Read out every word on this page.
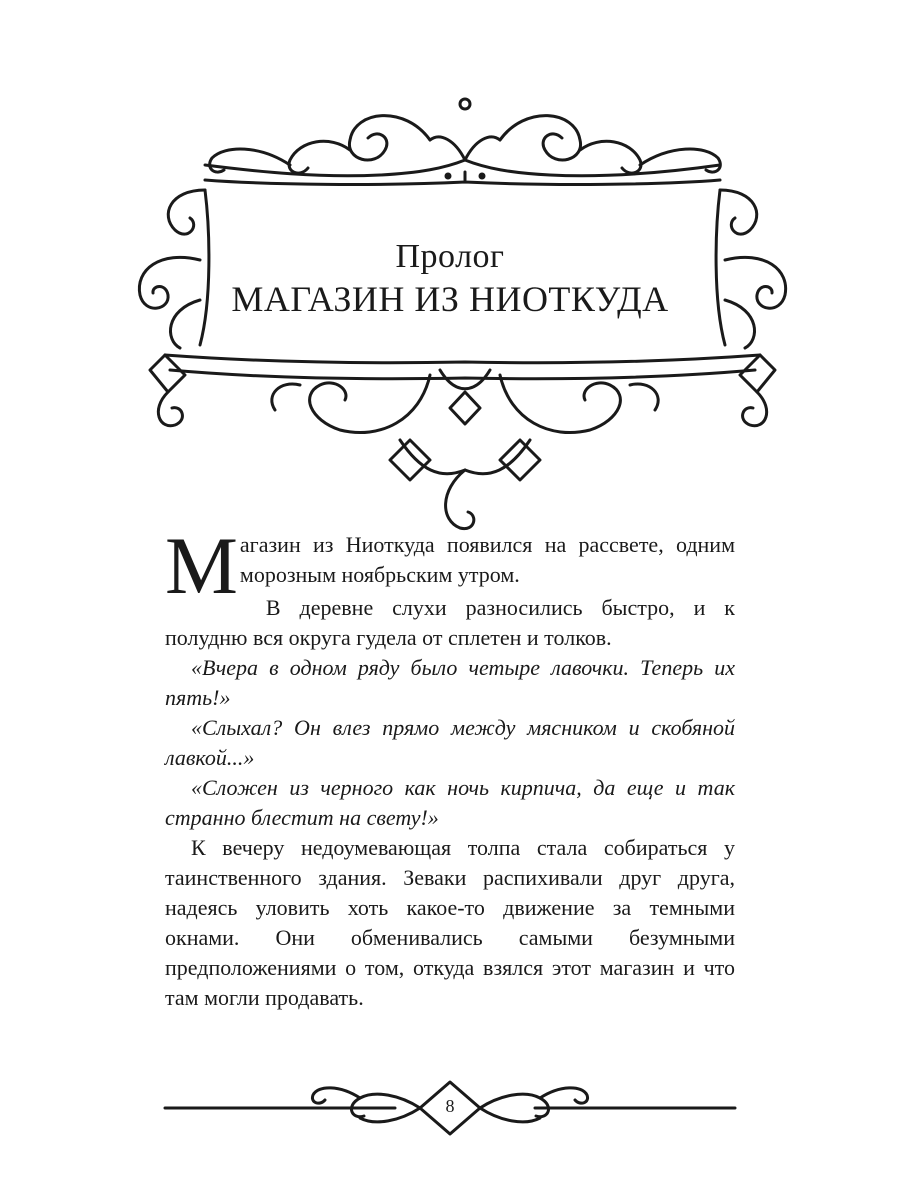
Пролог
МАГАЗИН ИЗ НИОТКУДА

Магазин из Ниоткуда появился на рассвете, одним морозным ноябрьским утром.

В деревне слухи разносились быстро, и к полудню вся округа гудела от сплетен и толков.

«Вчера в одном ряду было четыре лавочки. Теперь их пять!»

«Слыхал? Он влез прямо между мясником и скобяной лавкой...»

«Сложен из черного как ночь кирпича, да еще и так странно блестит на свету!»

К вечеру недоумевающая толпа стала собираться у таинственного здания. Зеваки распихивали друг друга, надеясь уловить хоть какое-то движение за темными окнами. Они обменивались самыми безумными предположениями о том, откуда взялся этот магазин и что там могли продавать.

8
